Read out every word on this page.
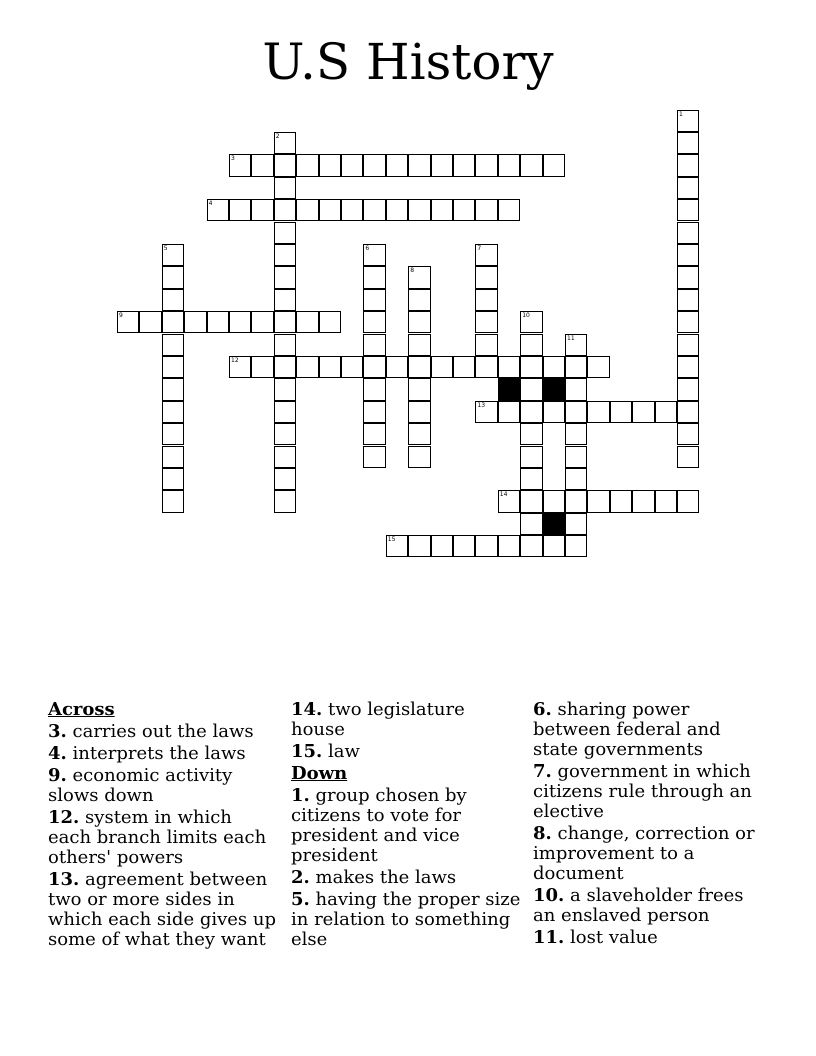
U.S History
3
4
9
12
13
14
15
1
2
5	6	7
8
10
11
Across
3. carries out the laws
4. interprets the laws
9. economic activity slows down
12. system in which each branch limits each others' powers
13. agreement between two or more sides in which each side gives up some of what they want
14. two legislature house
15. law
Down
1. group chosen by citizens to vote for president and vice president
2. makes the laws
5. having the proper size in relation to something else
6. sharing power between federal and state governments
7. government in which citizens rule through an elective
8. change, correction or improvement to a document
10. a slaveholder frees an enslaved person
11. lost value
